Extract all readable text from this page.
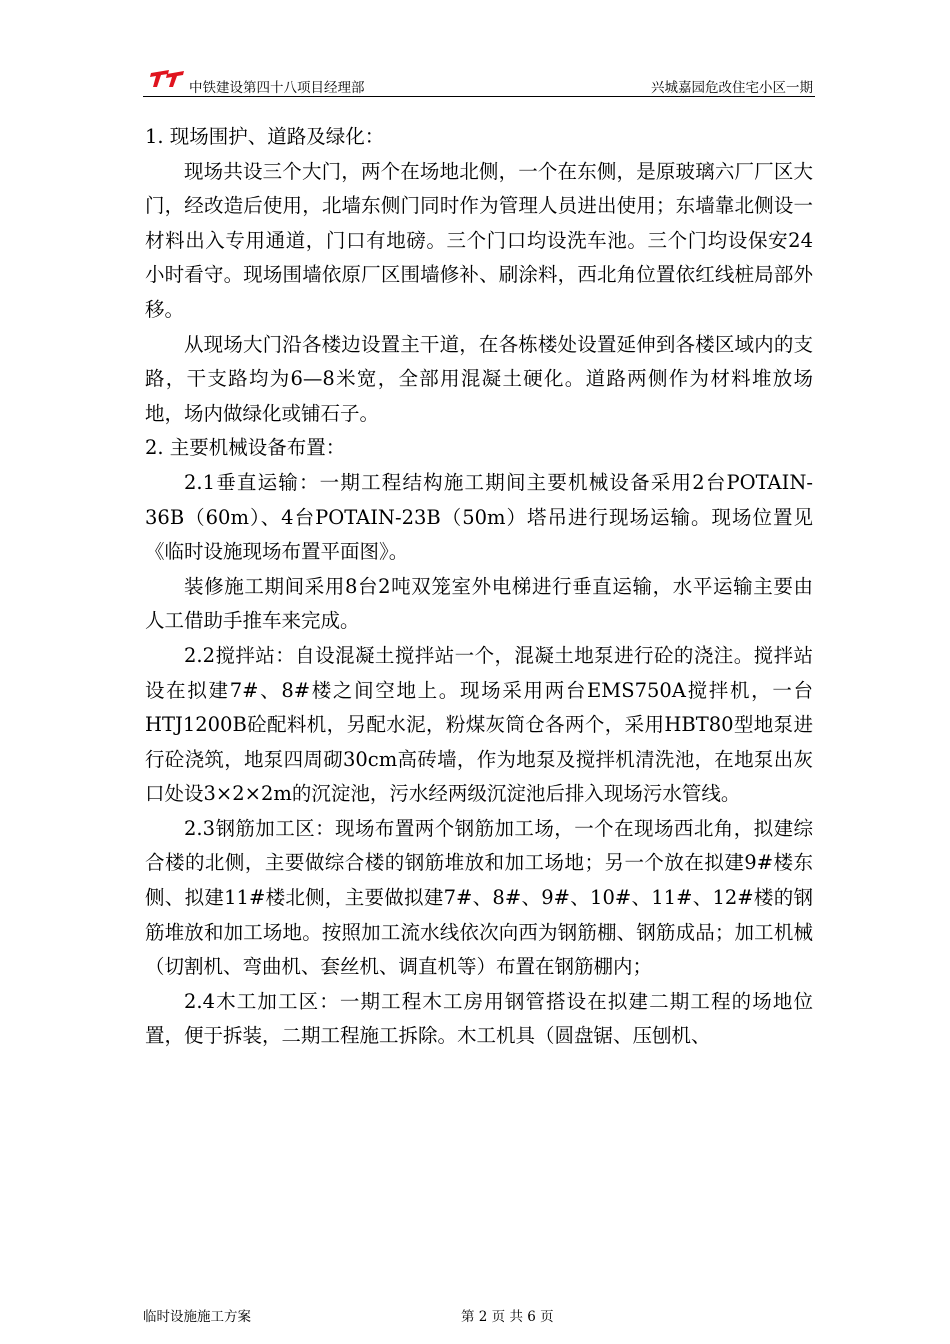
中铁建设第四十八项目经理部	兴城嘉园危改住宅小区一期

1. 现场围护、道路及绿化：

现场共设三个大门，两个在场地北侧，一个在东侧，是原玻璃六厂厂区大门，经改造后使用，北墙东侧门同时作为管理人员进出使用；东墙靠北侧设一材料出入专用通道，门口有地磅。三个门口均设洗车池。三个门均设保安24小时看守。现场围墙依原厂区围墙修补、刷涂料，西北角位置依红线桩局部外移。

从现场大门沿各楼边设置主干道，在各栋楼处设置延伸到各楼区域内的支路，干支路均为6—8米宽，全部用混凝土硬化。道路两侧作为材料堆放场地，场内做绿化或铺石子。

2. 主要机械设备布置：

2.1垂直运输：一期工程结构施工期间主要机械设备采用2台POTAIN-36B（60m）、4台POTAIN-23B（50m）塔吊进行现场运输。现场位置见《临时设施现场布置平面图》。

装修施工期间采用8台2吨双笼室外电梯进行垂直运输，水平运输主要由人工借助手推车来完成。

2.2搅拌站：自设混凝土搅拌站一个，混凝土地泵进行砼的浇注。搅拌站设在拟建7#、8#楼之间空地上。现场采用两台EMS750A搅拌机，一台HTJ1200B砼配料机，另配水泥，粉煤灰筒仓各两个，采用HBT80型地泵进行砼浇筑，地泵四周砌30cm高砖墙，作为地泵及搅拌机清洗池，在地泵出灰口处设3×2×2m的沉淀池，污水经两级沉淀池后排入现场污水管线。

2.3钢筋加工区：现场布置两个钢筋加工场，一个在现场西北角，拟建综合楼的北侧，主要做综合楼的钢筋堆放和加工场地；另一个放在拟建9#楼东侧、拟建11#楼北侧，主要做拟建7#、8#、9#、10#、11#、12#楼的钢筋堆放和加工场地。按照加工流水线依次向西为钢筋棚、钢筋成品；加工机械（切割机、弯曲机、套丝机、调直机等）布置在钢筋棚内；

2.4木工加工区：一期工程木工房用钢管搭设在拟建二期工程的场地位置，便于拆装，二期工程施工拆除。木工机具（圆盘锯、压刨机、

临时设施施工方案	第 2 页 共 6 页
